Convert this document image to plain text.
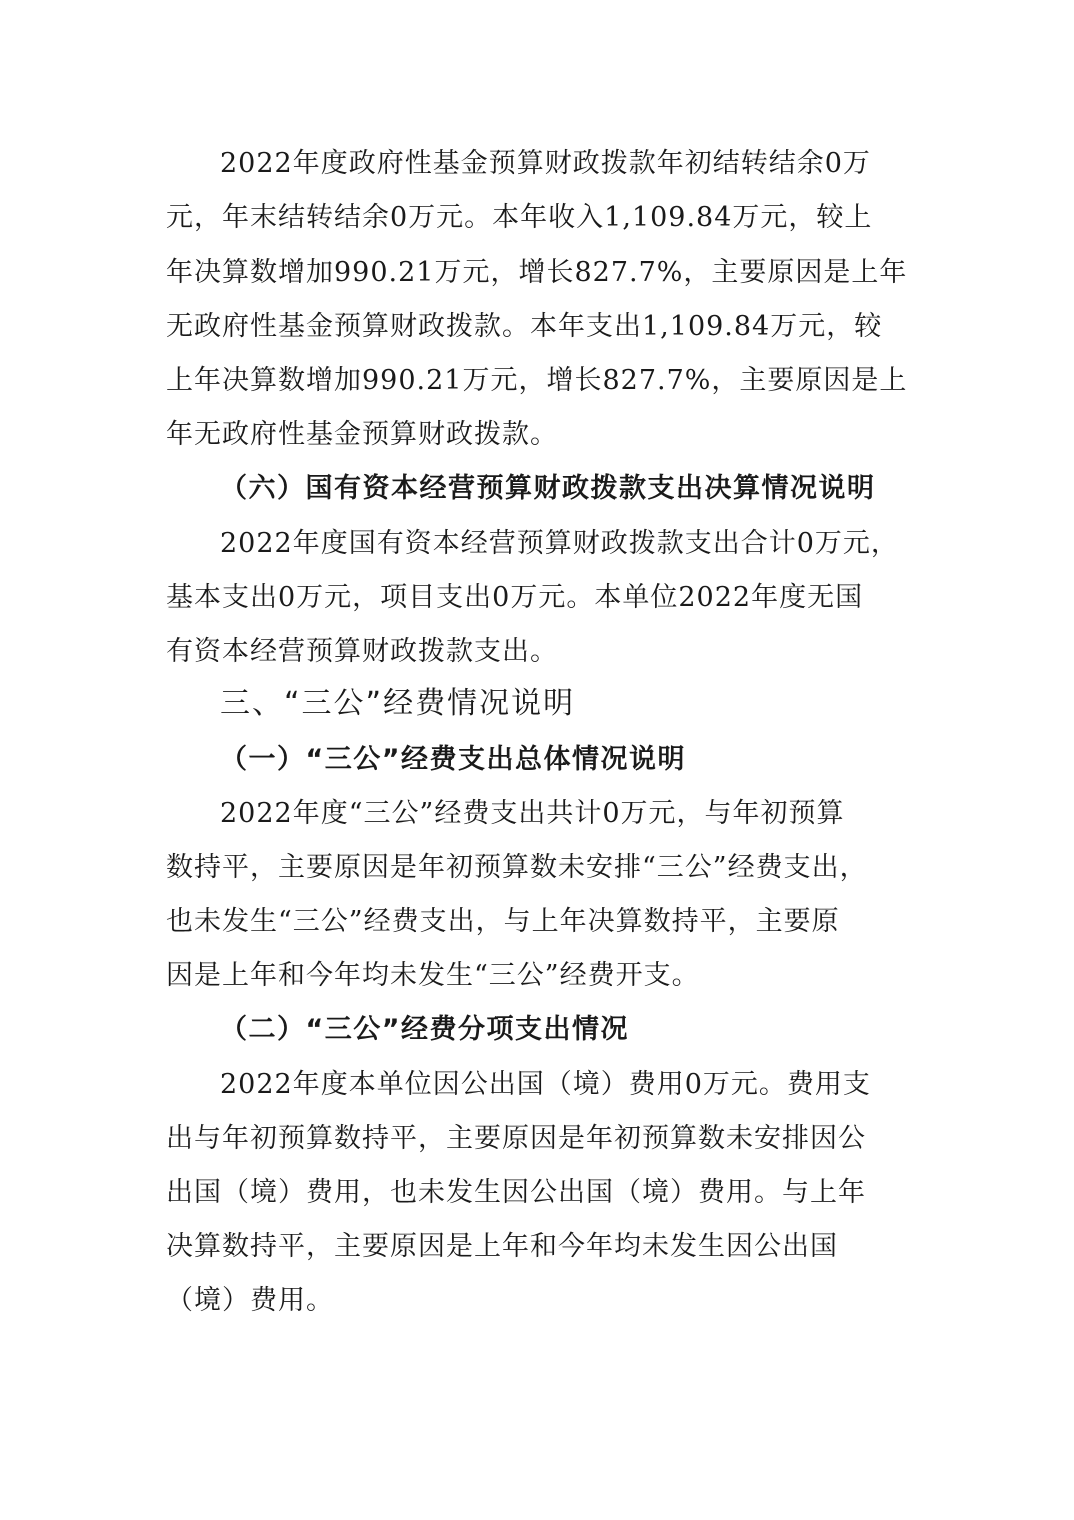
2022年度政府性基金预算财政拨款年初结转结余0万
元，年末结转结余0万元。本年收入1,109.84万元，较上
年决算数增加990.21万元，增长827.7%，主要原因是上年
无政府性基金预算财政拨款。本年支出1,109.84万元，较
上年决算数增加990.21万元，增长827.7%，主要原因是上
年无政府性基金预算财政拨款。
（六）国有资本经营预算财政拨款支出决算情况说明
2022年度国有资本经营预算财政拨款支出合计0万元，
基本支出0万元，项目支出0万元。本单位2022年度无国
有资本经营预算财政拨款支出。
三、“三公”经费情况说明
（一）“三公”经费支出总体情况说明
2022年度“三公”经费支出共计0万元，与年初预算
数持平，主要原因是年初预算数未安排“三公”经费支出，
也未发生“三公”经费支出，与上年决算数持平，主要原
因是上年和今年均未发生“三公”经费开支。
（二）“三公”经费分项支出情况
2022年度本单位因公出国（境）费用0万元。费用支
出与年初预算数持平，主要原因是年初预算数未安排因公
出国（境）费用，也未发生因公出国（境）费用。与上年
决算数持平，主要原因是上年和今年均未发生因公出国
（境）费用。
